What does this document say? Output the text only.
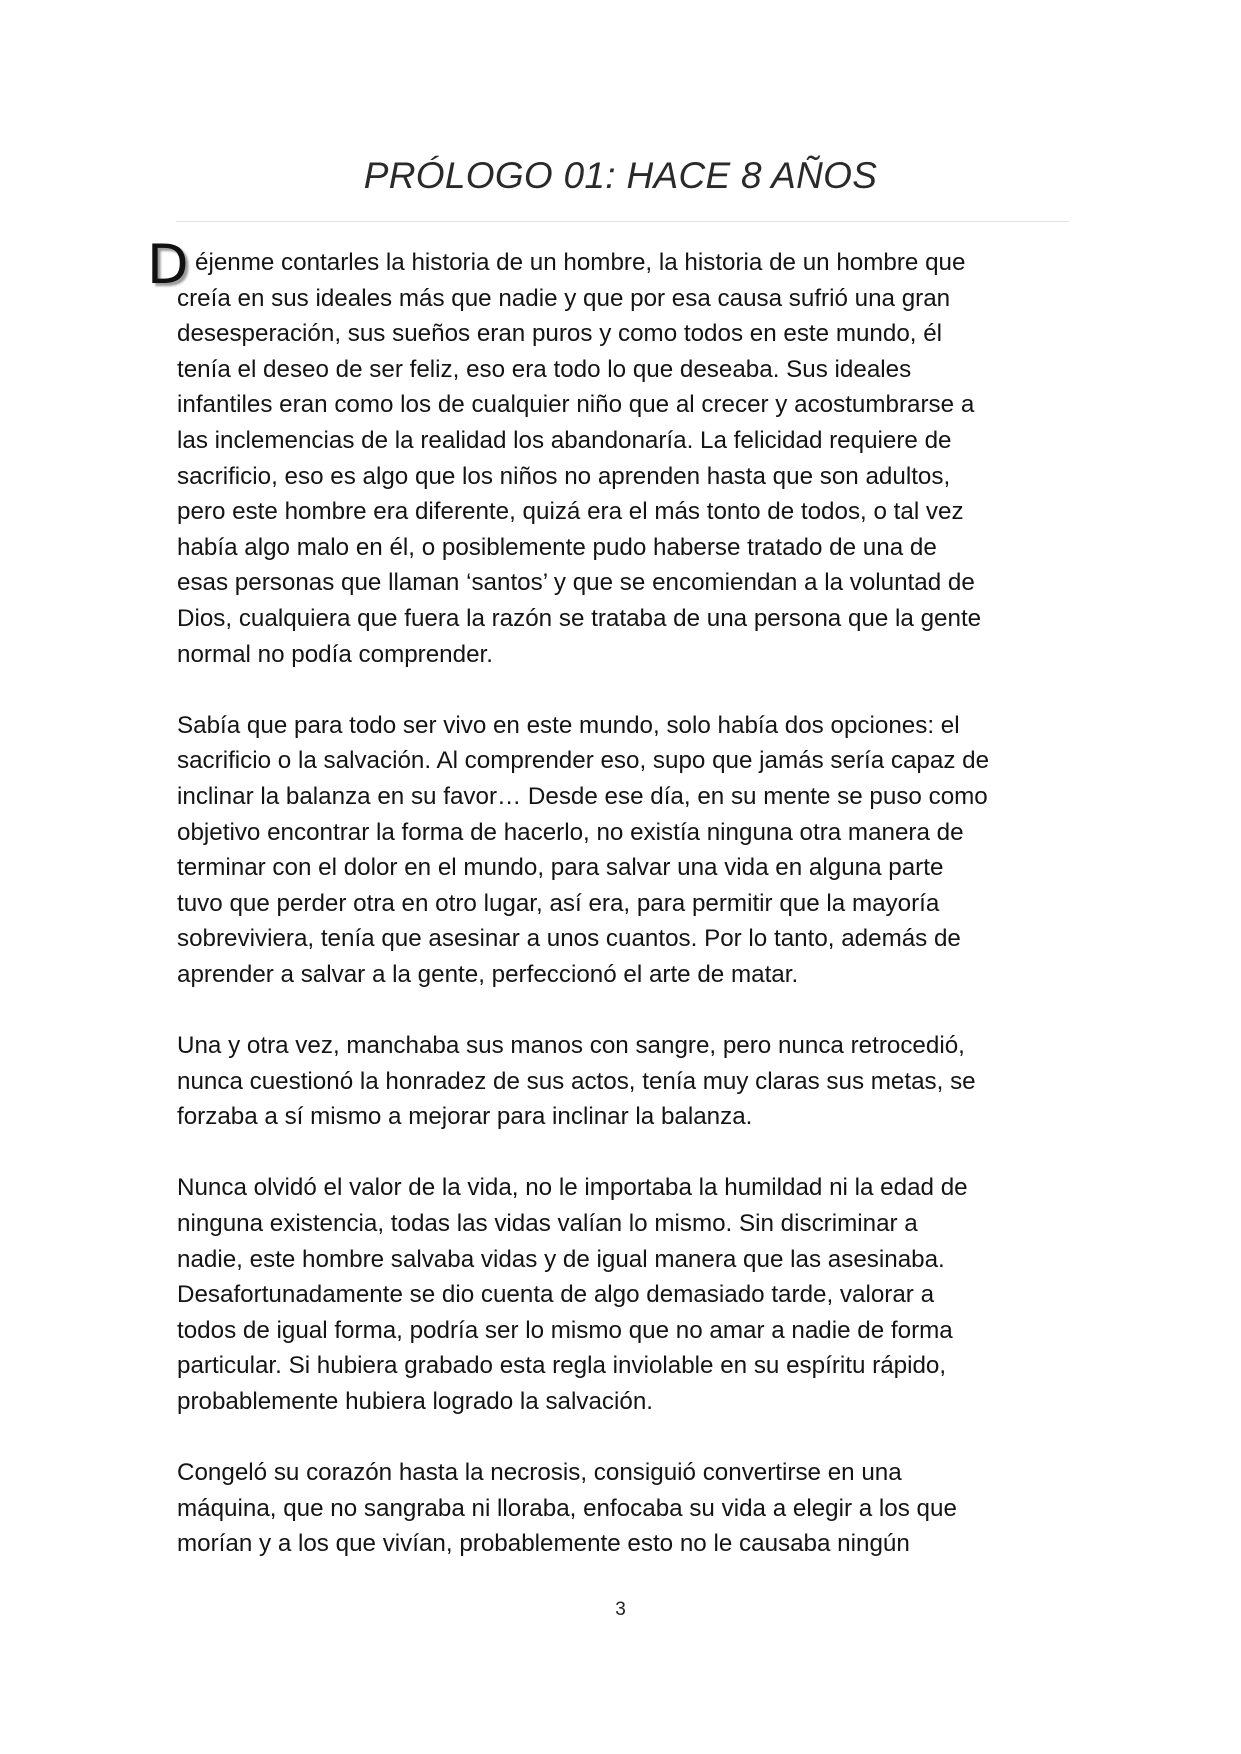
PRÓLOGO 01: HACE 8 AÑOS

D éjenme contarles la historia de un hombre, la historia de un hombre que
creía en sus ideales más que nadie y que por esa causa sufrió una gran
desesperación, sus sueños eran puros y como todos en este mundo, él
tenía el deseo de ser feliz, eso era todo lo que deseaba. Sus ideales
infantiles eran como los de cualquier niño que al crecer y acostumbrarse a
las inclemencias de la realidad los abandonaría. La felicidad requiere de
sacrificio, eso es algo que los niños no aprenden hasta que son adultos,
pero este hombre era diferente, quizá era el más tonto de todos, o tal vez
había algo malo en él, o posiblemente pudo haberse tratado de una de
esas personas que llaman ‘santos’ y que se encomiendan a la voluntad de
Dios, cualquiera que fuera la razón se trataba de una persona que la gente
normal no podía comprender.

Sabía que para todo ser vivo en este mundo, solo había dos opciones: el
sacrificio o la salvación. Al comprender eso, supo que jamás sería capaz de
inclinar la balanza en su favor… Desde ese día, en su mente se puso como
objetivo encontrar la forma de hacerlo, no existía ninguna otra manera de
terminar con el dolor en el mundo, para salvar una vida en alguna parte
tuvo que perder otra en otro lugar, así era, para permitir que la mayoría
sobreviviera, tenía que asesinar a unos cuantos. Por lo tanto, además de
aprender a salvar a la gente, perfeccionó el arte de matar.

Una y otra vez, manchaba sus manos con sangre, pero nunca retrocedió,
nunca cuestionó la honradez de sus actos, tenía muy claras sus metas, se
forzaba a sí mismo a mejorar para inclinar la balanza.

Nunca olvidó el valor de la vida, no le importaba la humildad ni la edad de
ninguna existencia, todas las vidas valían lo mismo. Sin discriminar a
nadie, este hombre salvaba vidas y de igual manera que las asesinaba.
Desafortunadamente se dio cuenta de algo demasiado tarde, valorar a
todos de igual forma, podría ser lo mismo que no amar a nadie de forma
particular. Si hubiera grabado esta regla inviolable en su espíritu rápido,
probablemente hubiera logrado la salvación.

Congeló su corazón hasta la necrosis, consiguió convertirse en una
máquina, que no sangraba ni lloraba, enfocaba su vida a elegir a los que
morían y a los que vivían, probablemente esto no le causaba ningún

3
